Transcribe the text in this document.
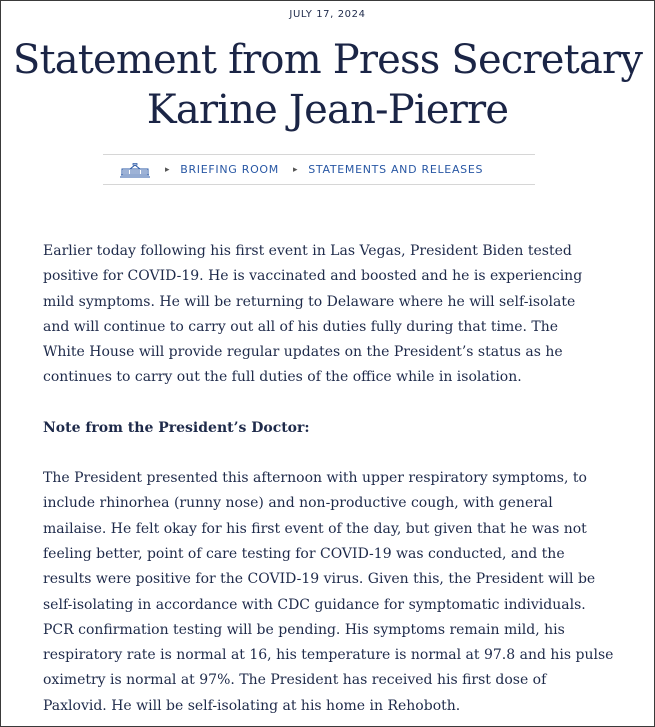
JULY 17, 2024
Statement from Press Secretary
Karine Jean-Pierre
▸ BRIEFING ROOM ▸ STATEMENTS AND RELEASES

Earlier today following his first event in Las Vegas, President Biden tested
positive for COVID-19. He is vaccinated and boosted and he is experiencing
mild symptoms. He will be returning to Delaware where he will self-isolate
and will continue to carry out all of his duties fully during that time. The
White House will provide regular updates on the President’s status as he
continues to carry out the full duties of the office while in isolation.

Note from the President’s Doctor:

The President presented this afternoon with upper respiratory symptoms, to
include rhinorhea (runny nose) and non-productive cough, with general
mailaise. He felt okay for his first event of the day, but given that he was not
feeling better, point of care testing for COVID-19 was conducted, and the
results were positive for the COVID-19 virus. Given this, the President will be
self-isolating in accordance with CDC guidance for symptomatic individuals.
PCR confirmation testing will be pending. His symptoms remain mild, his
respiratory rate is normal at 16, his temperature is normal at 97.8 and his pulse
oximetry is normal at 97%. The President has received his first dose of
Paxlovid. He will be self-isolating at his home in Rehoboth.
